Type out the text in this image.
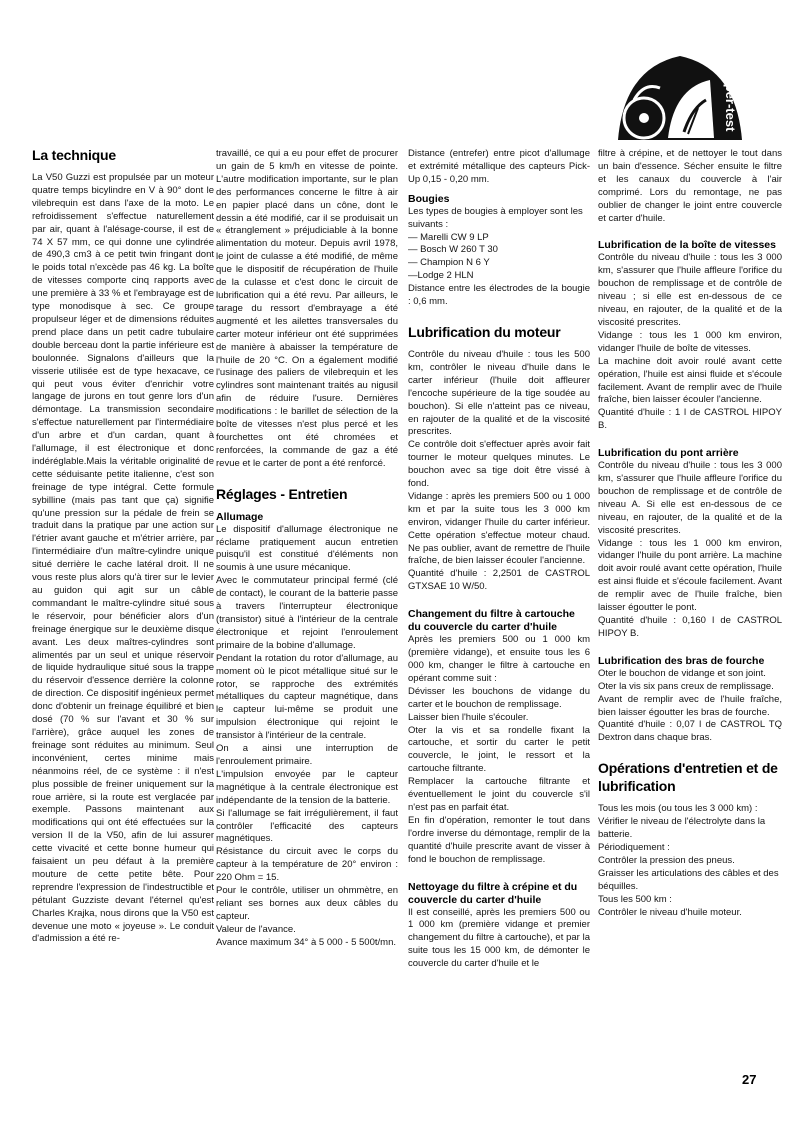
super-test
La technique

La V50 Guzzi est propulsée par un moteur quatre temps bicylindre en V à 90° dont le vilebrequin est dans l'axe de la moto. Le refroidissement s'effectue naturellement par air, quant à l'alésage-course, il est de 74 X 57 mm, ce qui donne une cylindrée de 490,3 cm3 à ce petit twin fringant dont le poids total n'excède pas 46 kg. La boîte de vitesses comporte cinq rapports avec une première à 33 % et l'embrayage est de type monodisque à sec. Ce groupe propulseur léger et de dimensions réduites prend place dans un petit cadre tubulaire double berceau dont la partie inférieure est boulonnée. Signalons d'ailleurs que la visserie utilisée est de type hexacave, ce qui peut vous éviter d'enrichir votre langage de jurons en tout genre lors d'un démontage. La transmission secondaire s'effectue naturellement par l'intermédiaire d'un arbre et d'un cardan, quant à l'allumage, il est électronique et donc indéréglable.Mais la véritable originalité de cette séduisante petite italienne, c'est son freinage de type intégral. Cette formule sybilline (mais pas tant que ça) signifie qu'une pression sur la pédale de frein se traduit dans la pratique par une action sur l'étrier avant gauche et m'étrier arrière, par l'intermédiaire d'un maître-cylindre unique situé derrière le cache latéral droit. Il ne vous reste plus alors qu'à tirer sur le levier au guidon qui agit sur un câble commandant le maître-cylindre situé sous le réservoir, pour bénéficier alors d'un freinage énergique sur le deuxième disque avant. Les deux maîtres-cylindres sont alimentés par un seul et unique réservoir de liquide hydraulique situé sous la trappe du réservoir d'essence derrière la colonne de direction. Ce dispositif ingénieux permet donc d'obtenir un freinage équilibré et bien dosé (70 % sur l'avant et 30 % sur l'arrière), grâce auquel les zones de freinage sont réduites au minimum. Seul inconvénient, certes minime mais néanmoins réel, de ce système : il n'est plus possible de freiner uniquement sur la roue arrière, si la route est verglacée par exemple. Passons maintenant aux modifications qui ont été effectuées sur la version II de la V50, afin de lui assurer cette vivacité et cette bonne humeur qui faisaient un peu défaut à la première mouture de cette petite bête. Pour reprendre l'expression de l'indestructible et pétulant Guzziste devant l'éternel qu'est Charles Krajka, nous dirons que la V50 est devenue une moto « joyeuse ». Le conduit d'admission a été re-

travaillé, ce qui a eu pour effet de procurer un gain de 5 km/h en vitesse de pointe. L'autre modification importante, sur le plan des performances concerne le filtre à air en papier placé dans un cône, dont le dessin a été modifié, car il se produisait un « étranglement » préjudiciable à la bonne alimentation du moteur. Depuis avril 1978, le joint de culasse a été modifié, de même que le dispositif de récupération de l'huile de la culasse et c'est donc le circuit de lubrification qui a été revu. Par ailleurs, le tarage du ressort d'embrayage a été augmenté et les ailettes transversales du carter moteur inférieur ont été supprimées de manière à abaisser la température de l'huile de 20 °C. On a également modifié l'usinage des paliers de vilebrequin et les cylindres sont maintenant traités au nigusil afin de réduire l'usure. Dernières modifications : le barillet de sélection de la boîte de vitesses n'est plus percé et les fourchettes ont été chromées et renforcées, la commande de gaz a été revue et le carter de pont a été renforcé.

Réglages - Entretien
Allumage

Le dispositif d'allumage électronique ne réclame pratiquement aucun entretien puisqu'il est constitué d'éléments non soumis à une usure mécanique.

Avec le commutateur principal fermé (clé de contact), le courant de la batterie passe à travers l'interrupteur électronique (transistor) situé à l'intérieur de la centrale électronique et rejoint l'enroulement primaire de la bobine d'allumage.

Pendant la rotation du rotor d'allumage, au moment où le picot métallique situé sur le rotor, se rapproche des extrémités métalliques du capteur magnétique, dans le capteur lui-même se produit une impulsion électronique qui rejoint le transistor à l'intérieur de la centrale.

On a ainsi une interruption de l'enroulement primaire.

L'impulsion envoyée par le capteur magnétique à la centrale électronique est indépendante de la tension de la batterie.

Si l'allumage se fait irrégulièrement, il faut contrôler l'efficacité des capteurs magnétiques.

Résistance du circuit avec le corps du capteur à la température de 20° environ : 220 Ohm = 15.

Pour le contrôle, utiliser un ohmmètre, en reliant ses bornes aux deux câbles du capteur.

Valeur de l'avance.

Avance maximum 34° à 5 000 - 5 500t/mn.

Distance (entrefer) entre picot d'allumage et extrémité métallique des capteurs Pick-Up 0,15 - 0,20 mm.

Bougies

Les types de bougies à employer sont les suivants :

— Marelli CW 9 LP

— Bosch W 260 T 30

— Champion N 6 Y

—Lodge 2 HLN

Distance entre les électrodes de la bougie : 0,6 mm.

Lubrification du moteur

Contrôle du niveau d'huile : tous les 500 km, contrôler le niveau d'huile dans le carter inférieur (l'huile doit affleurer l'encoche supérieure de la tige soudée au bouchon). Si elle n'atteint pas ce niveau, en rajouter de la qualité et de la viscosité prescrites.

Ce contrôle doit s'effectuer après avoir fait tourner le moteur quelques minutes. Le bouchon avec sa tige doit être vissé à fond.

Vidange : après les premiers 500 ou 1 000 km et par la suite tous les 3 000 km environ, vidanger l'huile du carter inférieur. Cette opération s'effectue moteur chaud. Ne pas oublier, avant de remettre de l'huile fraîche, de bien laisser écouler l'ancienne.

Quantité d'huile : 2,2501 de CASTROL GTXSAE 10 W/50.

Changement du filtre à cartouche du couvercle du carter d'huile

Après les premiers 500 ou 1 000 km (première vidange), et ensuite tous les 6 000 km, changer le filtre à cartouche en opérant comme suit :

Dévisser les bouchons de vidange du carter et le bouchon de remplissage.

Laisser bien l'huile s'écouler.

Oter la vis et sa rondelle fixant la cartouche, et sortir du carter le petit couvercle, le joint, le ressort et la cartouche filtrante.

Remplacer la cartouche filtrante et éventuellement le joint du couvercle s'il n'est pas en parfait état.

En fin d'opération, remonter le tout dans l'ordre inverse du démontage, remplir de la quantité d'huile prescrite avant de visser à fond le bouchon de remplissage.

Nettoyage du filtre à crépine et du couvercle du carter d'huile

Il est conseillé, après les premiers 500 ou 1 000 km (première vidange et premier changement du filtre à cartouche), et par la suite tous les 15 000 km, de démonter le couvercle du carter d'huile et le

filtre à crépine, et de nettoyer le tout dans un bain d'essence. Sécher ensuite le filtre et les canaux du couvercle à l'air comprimé. Lors du remontage, ne pas oublier de changer le joint entre couvercle et carter d'huile.

Lubrification de la boîte de vitesses

Contrôle du niveau d'huile : tous les 3 000 km, s'assurer que l'huile affleure l'orifice du bouchon de remplissage et de contrôle de niveau ; si elle est en-dessous de ce niveau, en rajouter, de la qualité et de la viscosité prescrites.

Vidange : tous les 1 000 km environ, vidanger l'huile de boîte de vitesses.

La machine doit avoir roulé avant cette opération, l'huile est ainsi fluide et s'écoule facilement. Avant de remplir avec de l'huile fraîche, bien laisser écouler l'ancienne.

Quantité d'huile : 1 l de CASTROL HIPOY B.

Lubrification du pont arrière

Contrôle du niveau d'huile : tous les 3 000 km, s'assurer que l'huile affleure l'orifice du bouchon de remplissage et de contrôle de niveau A. Si elle est en-dessous de ce niveau, en rajouter, de la qualité et de la viscosité prescrites.

Vidange : tous les 1 000 km environ, vidanger l'huile du pont arrière. La machine doit avoir roulé avant cette opération, l'huile est ainsi fluide et s'écoule facilement. Avant de remplir avec de l'huile fraîche, bien laisser égoutter le pont.

Quantité d'huile : 0,160 l de CASTROL HIPOY B.

Lubrification des bras de fourche

Oter le bouchon de vidange et son joint.

Oter la vis six pans creux de remplissage.

Avant de remplir avec de l'huile fraîche, bien laisser égoutter les bras de fourche.

Quantité d'huile : 0,07 l de CASTROL TQ Dextron dans chaque bras.

Opérations d'entretien et de lubrification

Tous les mois (ou tous les 3 000 km) :

Vérifier le niveau de l'électrolyte dans la batterie.

Périodiquement :

Contrôler la pression des pneus.

Graisser les articulations des câbles et des béquilles.

Tous les 500 km :

Contrôler le niveau d'huile moteur.

27
